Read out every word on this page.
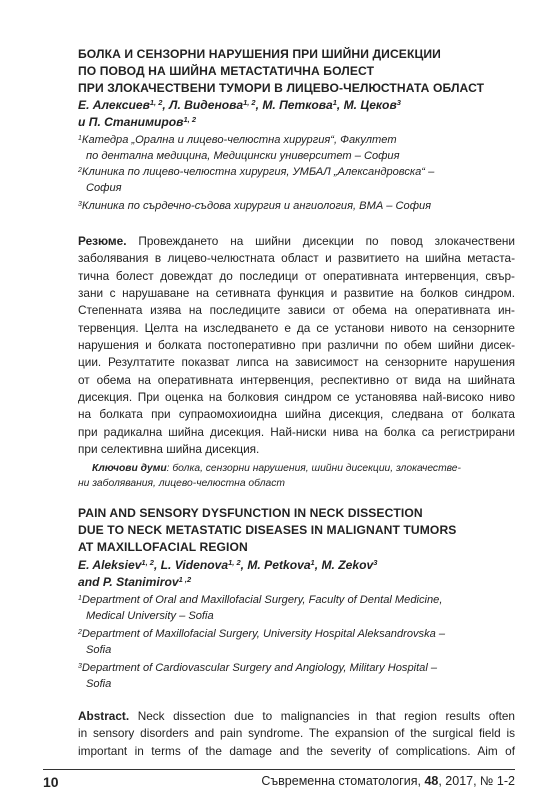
БОЛКА И СЕНЗОРНИ НАРУШЕНИЯ ПРИ ШИЙНИ ДИСЕКЦИИ
ПО ПОВОД НА ШИЙНА МЕТАСТАТИЧНА БОЛЕСТ
ПРИ ЗЛОКАЧЕСТВЕНИ ТУМОРИ В ЛИЦЕВО-ЧЕЛЮСТНАТА ОБЛАСТ
Е. Алексиев$^{1, 2}$, Л. Виденова$^{1, 2}$, М. Петкова$^1$, М. Цеков$^3$
и П. Станимиров$^{1, 2}$
$^1$Катедра „Орална и лицево-челюстна хирургия“, Факултет
по дентална медицина, Медицински университет – София
$^2$Клиника по лицево-челюстна хирургия, УМБАЛ „Александровска“ –
София
$^3$Клиника по сърдечно-съдова хирургия и ангиология, ВМА – София
Резюме. Провеждането на шийни дисекции по повод злокачествени
заболявания в лицево-челюстната област и развитието на шийна метаста-
тична болест довеждат до последици от оперативната интервенция, свър-
зани с нарушаване на сетивната функция и развитие на болков синдром.
Степенната изява на последиците зависи от обема на оперативната ин-
тервенция. Целта на изследването е да се установи нивото на сензорните
нарушения и болката постоперативно при различни по обем шийни дисек-
ции. Резултатите показват липса на зависимост на сензорните нарушения
от обема на оперативната интервенция, респективно от вида на шийната
дисекция. При оценка на болковия синдром се установява най-високо ниво
на болката при супраомохиоидна шийна дисекция, следвана от болката
при радикална шийна дисекция. Най-ниски нива на болка са регистрирани
при селективна шийна дисекция.
Ключови думи: болка, сензорни нарушения, шийни дисекции, злокачестве-
ни заболявания, лицево-челюстна област
PAIN AND SENSORY DYSFUNCTION IN NECK DISSECTION
DUE TO NECK METASTATIC DISEASES IN MALIGNANT TUMORS
AT MAXILLOFACIAL REGION
E. Aleksiev$^{1, 2}$, L. Videnova$^{1, 2}$, M. Petkova$^1$, M. Zekov$^3$
and P. Stanimirov$^{1 ,2}$
$^1$Department of Oral and Maxillofacial Surgery, Faculty of Dental Medicine,
Medical University – Sofia
$^2$Department of Maxillofacial Surgery, University Hospital Aleksandrovska –
Sofia
$^3$Department of Cardiovascular Surgery and Angiology, Military Hospital –
Sofia
Abstract. Neck dissection due to malignancies in that region results often
in sensory disorders and pain syndrome. The expansion of the surgical field is
important in terms of the damage and the severity of complications. Aim of
10	Съвременна стоматология, 48, 2017, № 1-2
